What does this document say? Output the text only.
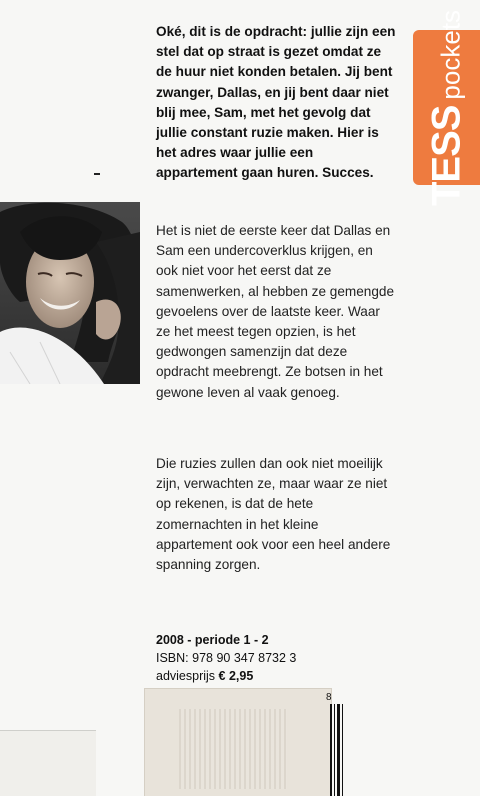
TESS
pockets
Oké, dit is de opdracht: jullie zijn een stel dat op straat is gezet omdat ze de huur niet konden betalen. Jij bent zwanger, Dallas, en jij bent daar niet blij mee, Sam, met het gevolg dat jullie constant ruzie maken. Hier is het adres waar jullie een appartement gaan huren. Succes.

Het is niet de eerste keer dat Dallas en Sam een undercoverklus krijgen, en ook niet voor het eerst dat ze samenwerken, al hebben ze gemengde gevoelens over de laatste keer. Waar ze het meest tegen opzien, is het gedwongen samenzijn dat deze opdracht meebrengt. Ze botsen in het gewone leven al vaak genoeg.

Die ruzies zullen dan ook niet moeilijk zijn, verwachten ze, maar waar ze niet op rekenen, is dat de hete zomernachten in het kleine appartement ook voor een heel andere spanning zorgen.

2008 - periode 1 - 2
ISBN: 978 90 347 8732 3
adviesprijs € 2,95
8
